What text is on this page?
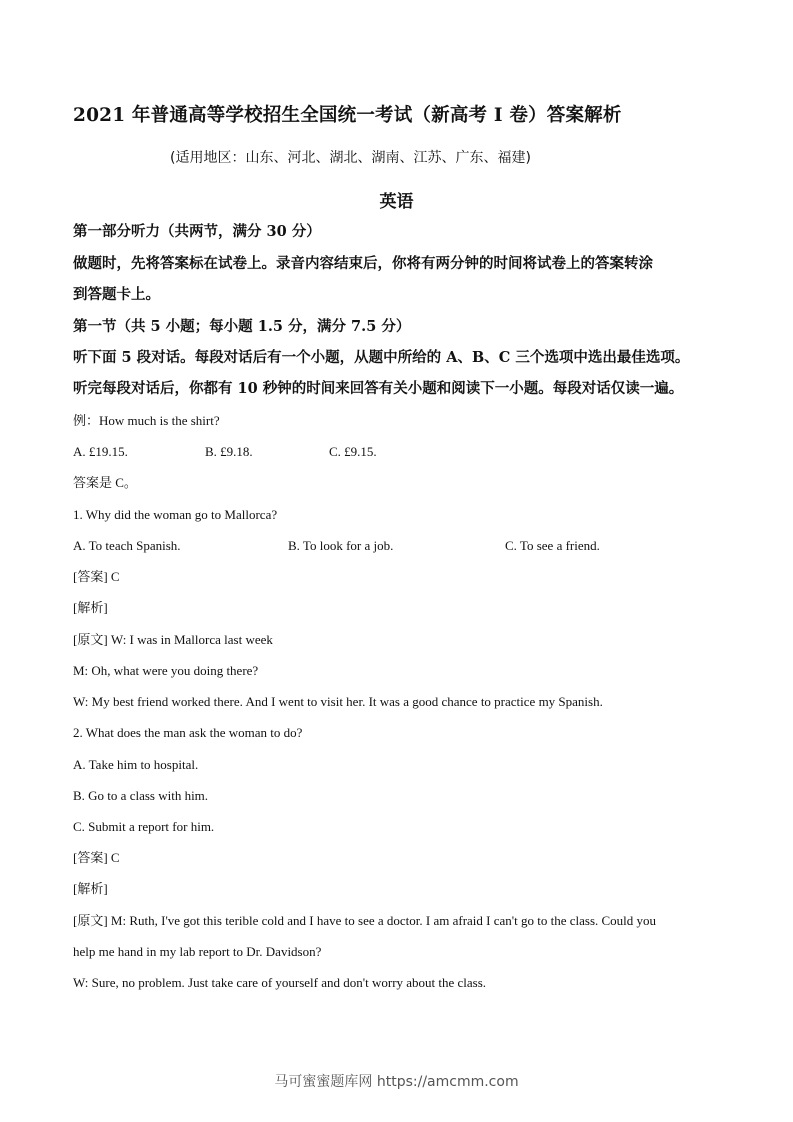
2021 年普通高等学校招生全国统一考试（新高考 I 卷）答案解析
(适用地区：山东、河北、湖北、湖南、江苏、广东、福建)
英语
第一部分听力（共两节，满分 30 分）
做题时，先将答案标在试卷上。录音内容结束后，你将有两分钟的时间将试卷上的答案转涂
到答题卡上。
第一节（共 5 小题；每小题 1.5 分，满分 7.5 分）
听下面 5 段对话。每段对话后有一个小题，从题中所给的 A、B、C 三个选项中选出最佳选项。
听完每段对话后，你都有 10 秒钟的时间来回答有关小题和阅读下一小题。每段对话仅读一遍。
例：How much is the shirt?
A. £19.15.	B. £9.18.	C. £9.15.
答案是 C。
1. Why did the woman go to Mallorca?
A. To teach Spanish.	B. To look for a job.	C. To see a friend.
[答案] C
[解析]
[原文] W: I was in Mallorca last week
M: Oh, what were you doing there?
W: My best friend worked there. And I went to visit her. It was a good chance to practice my Spanish.
2. What does the man ask the woman to do?
A. Take him to hospital.
B. Go to a class with him.
C. Submit a report for him.
[答案] C
[解析]
[原文] M: Ruth, I've got this terible cold and I have to see a doctor. I am afraid I can't go to the class. Could you
help me hand in my lab report to Dr. Davidson?
W: Sure, no problem. Just take care of yourself and don't worry about the class.
马可蜜蜜题库网 https://amcmm.com
